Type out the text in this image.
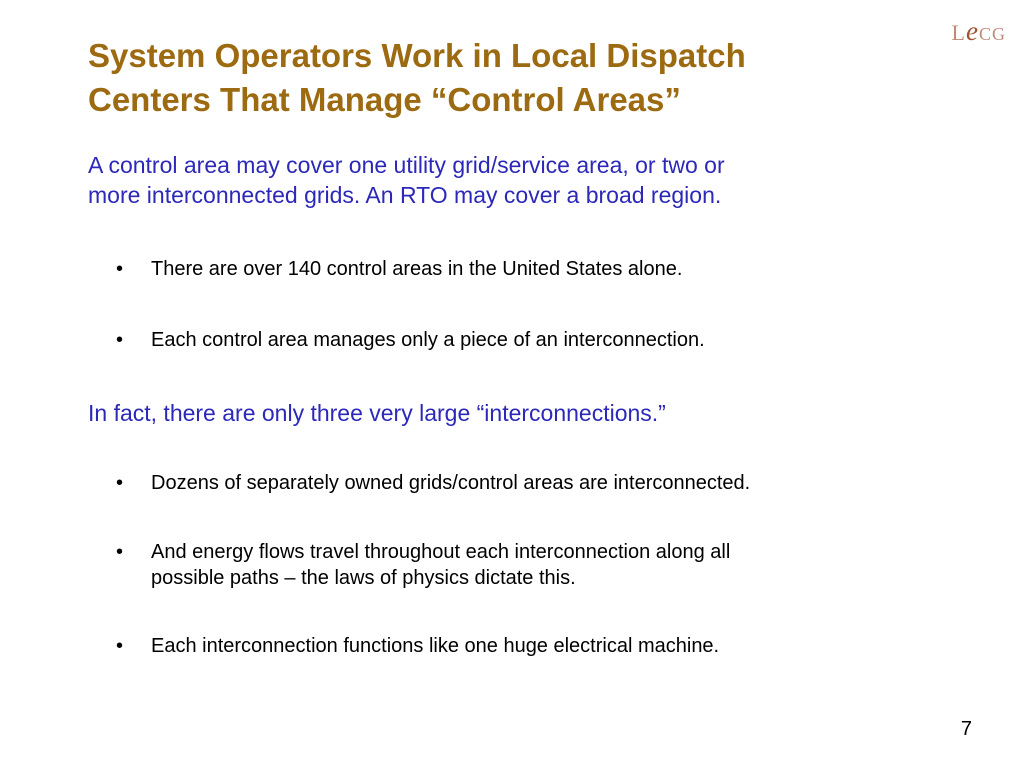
LeCG
System Operators Work in Local Dispatch
Centers That Manage “Control Areas”

A control area may cover one utility grid/service area, or two or
more interconnected grids. An RTO may cover a broad region.

• There are over 140 control areas in the United States alone.
• Each control area manages only a piece of an interconnection.

In fact, there are only three very large “interconnections.”

• Dozens of separately owned grids/control areas are interconnected.
• And energy flows travel throughout each interconnection along all
possible paths – the laws of physics dictate this.
• Each interconnection functions like one huge electrical machine.
7
